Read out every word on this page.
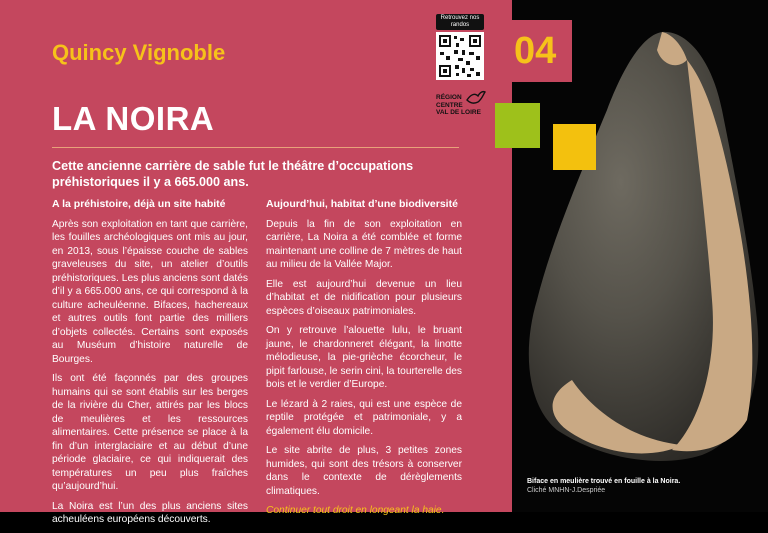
04
Quincy Vignoble
LA NOIRA
Cette ancienne carrière de sable fut le théâtre d’occupations préhistoriques il y a 665.000 ans.
Retrouvez nos randos
RÉGION
CENTRE
VAL DE LOIRE
A la préhistoire, déjà un site habité

Après son exploitation en tant que carrière, les fouilles archéologiques ont mis au jour, en 2013, sous l’épaisse couche de sables graveleuses du site, un atelier d’outils préhistoriques. Les plus anciens sont datés d’il y a 665.000 ans, ce qui correspond à la culture acheuléenne. Bifaces, hachereaux et autres outils font partie des milliers d’objets collectés. Certains sont exposés au Muséum d’histoire naturelle de Bourges.

Ils ont été façonnés par des groupes humains qui se sont établis sur les berges de la rivière du Cher, attirés par les blocs de meulières et les ressources alimentaires. Cette présence se place à la fin d’un interglaciaire et au début d’une période glaciaire, ce qui indiquerait des températures un peu plus fraîches qu’aujourd’hui.

La Noira est l’un des plus anciens sites acheuléens européens découverts.

Aujourd’hui, habitat d’une biodiversité

Depuis la fin de son exploitation en carrière, La Noira a été comblée et forme maintenant une colline de 7 mètres de haut au milieu de la Vallée Major.

Elle est aujourd’hui devenue un lieu d’habitat et de nidification pour plusieurs espèces d’oiseaux patrimoniales.

On y retrouve l’alouette lulu, le bruant jaune, le chardonneret élégant, la linotte mélodieuse, la pie-grièche écorcheur, le pipit farlouse, le serin cini, la tourterelle des bois et le verdier d’Europe.

Le lézard à 2 raies, qui est une espèce de reptile protégée et patrimoniale, y a également élu domicile.

Le site abrite de plus, 3 petites zones humides, qui sont des trésors à conserver dans le contexte de dérèglements climatiques.

Continuer tout droit en longeant la haie.

Biface en meulière trouvé en fouille à la Noira.
Cliché MNHN-J.Despriée
